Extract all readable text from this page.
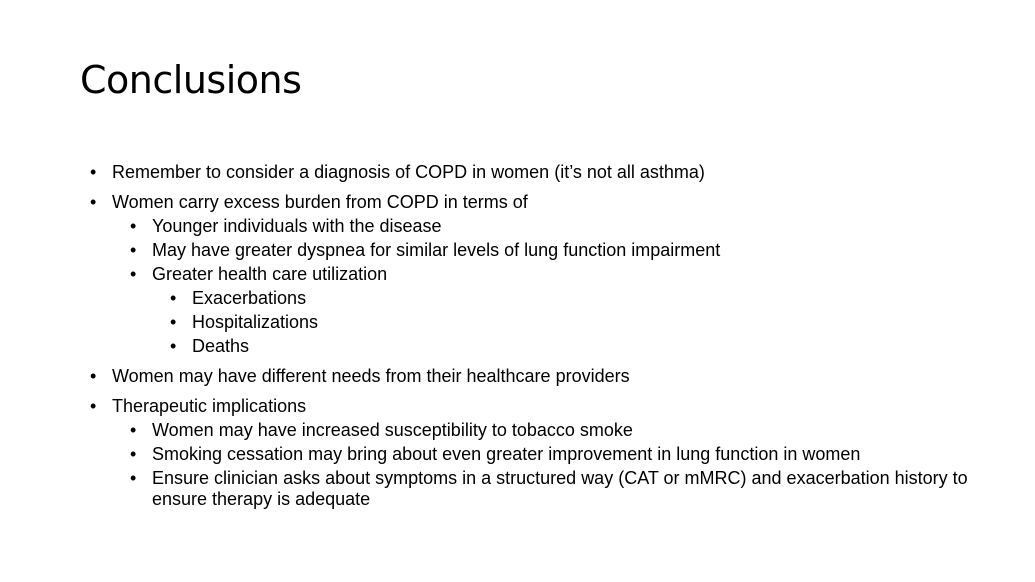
Conclusions
• Remember to consider a diagnosis of COPD in women (it’s not all asthma)
• Women carry excess burden from COPD in terms of
• Younger individuals with the disease
• May have greater dyspnea for similar levels of lung function impairment
• Greater health care utilization
• Exacerbations
• Hospitalizations
• Deaths
• Women may have different needs from their healthcare providers
• Therapeutic implications
• Women may have increased susceptibility to tobacco smoke
• Smoking cessation may bring about even greater improvement in lung function in women
• Ensure clinician asks about symptoms in a structured way (CAT or mMRC) and exacerbation history to ensure therapy is adequate
